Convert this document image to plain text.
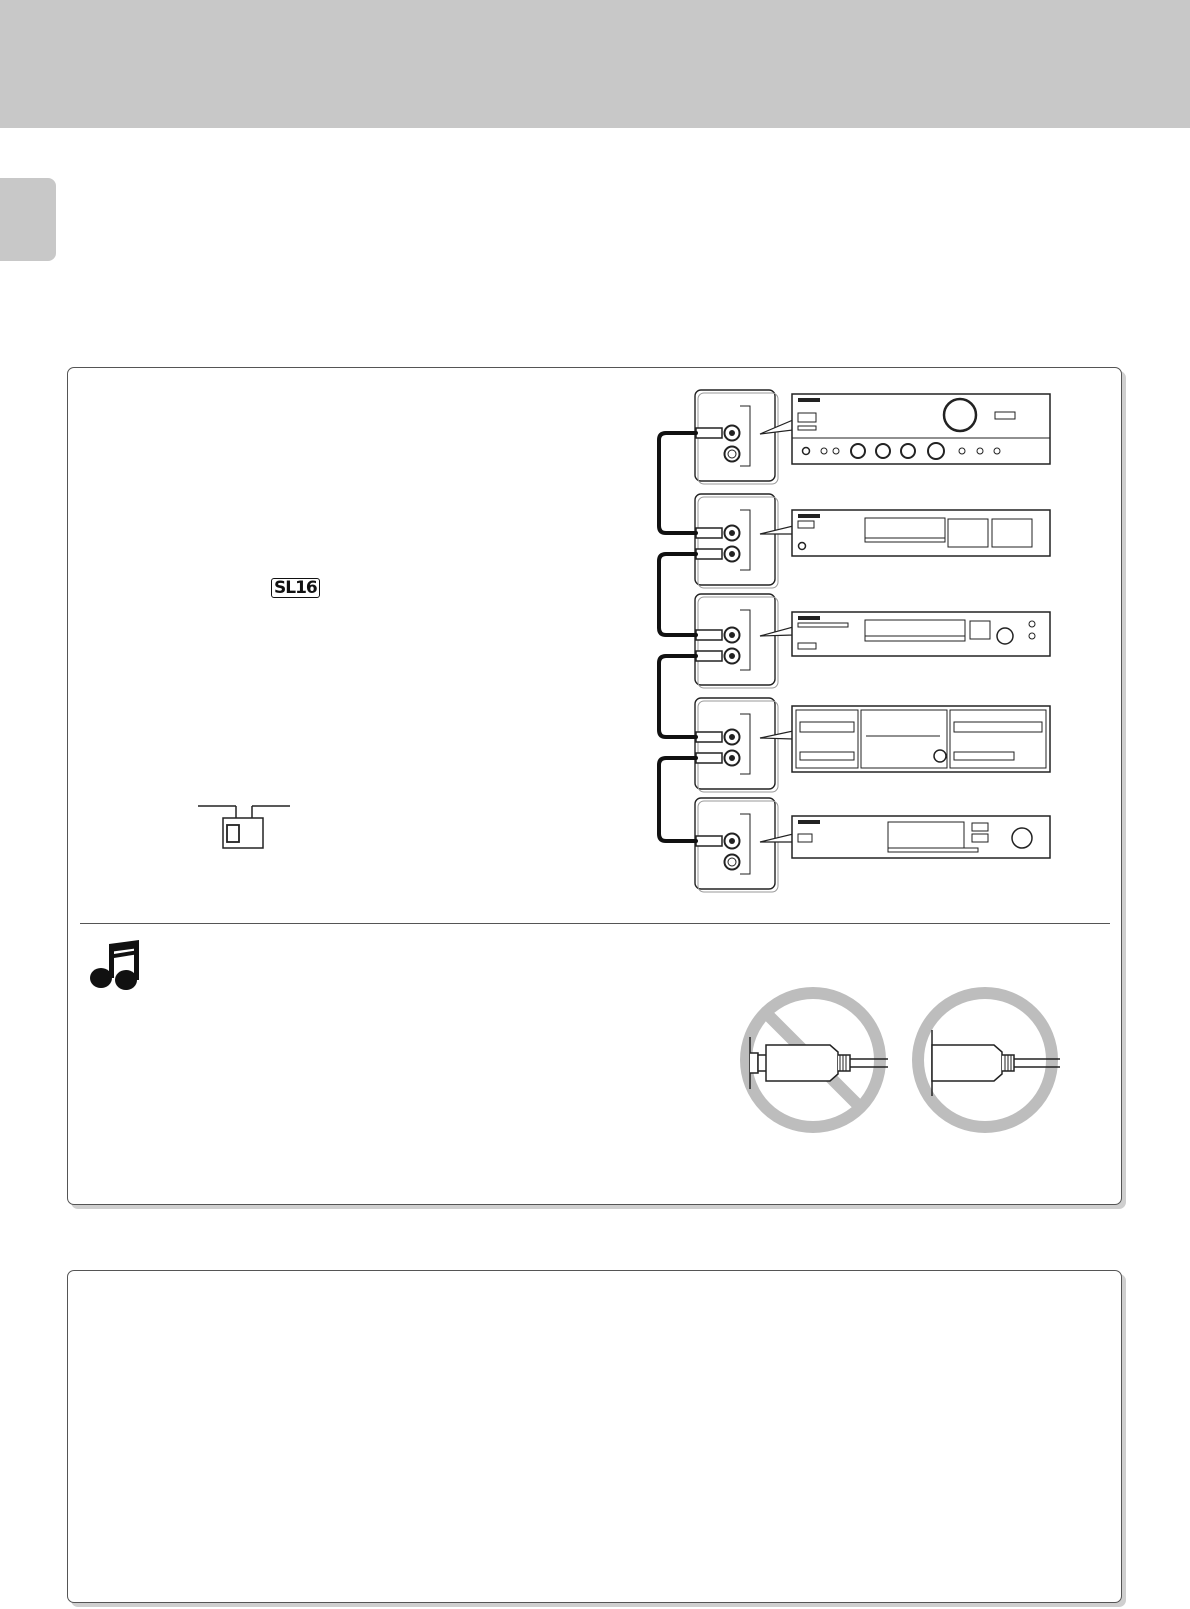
SL16
